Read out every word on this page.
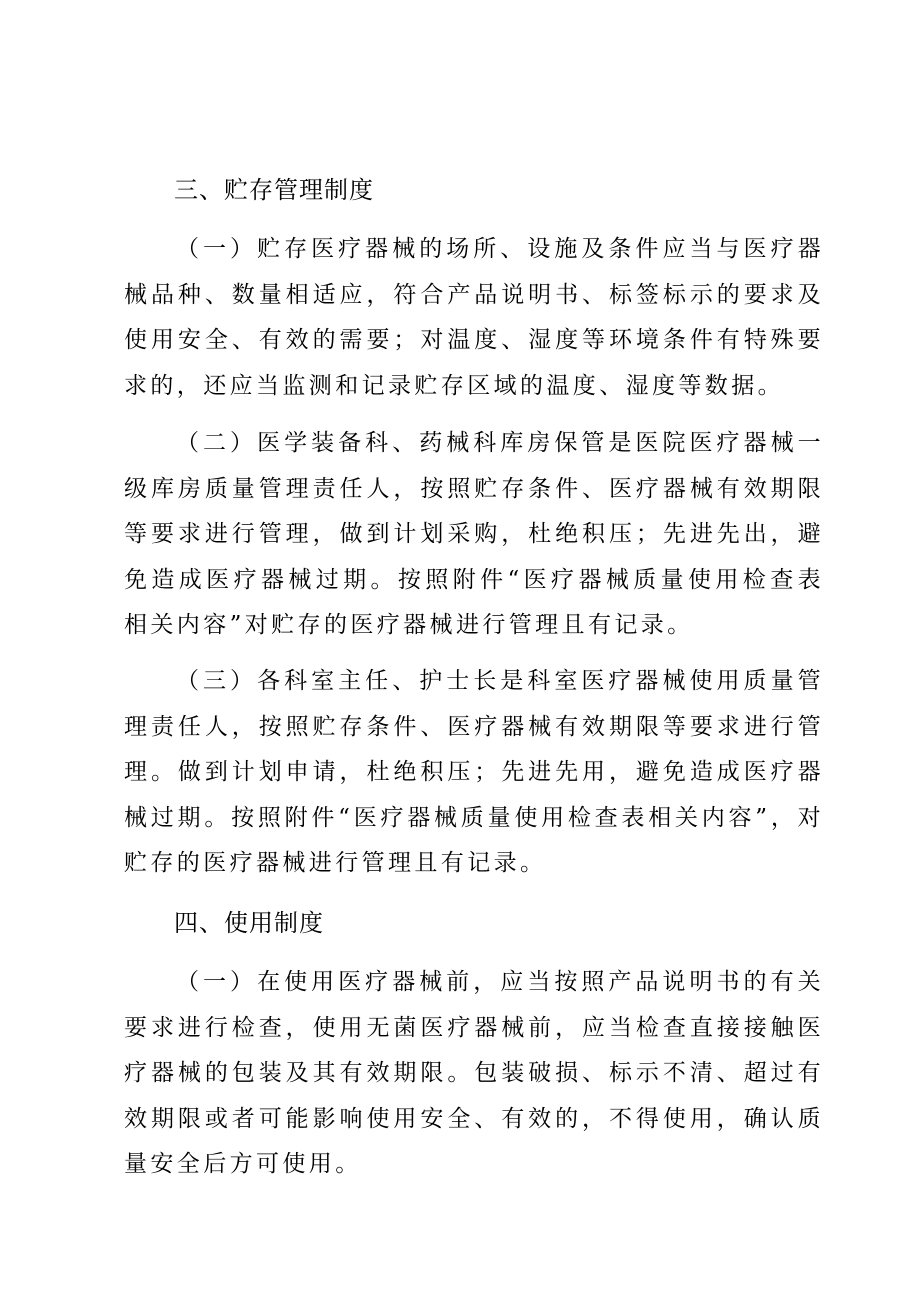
三、贮存管理制度
（一）贮存医疗器械的场所、设施及条件应当与医疗器械品种、数量相适应，符合产品说明书、标签标示的要求及使用安全、有效的需要；对温度、湿度等环境条件有特殊要求的，还应当监测和记录贮存区域的温度、湿度等数据。
（二）医学装备科、药械科库房保管是医院医疗器械一级库房质量管理责任人，按照贮存条件、医疗器械有效期限等要求进行管理，做到计划采购，杜绝积压；先进先出，避免造成医疗器械过期。按照附件“医疗器械质量使用检查表相关内容”对贮存的医疗器械进行管理且有记录。
（三）各科室主任、护士长是科室医疗器械使用质量管理责任人，按照贮存条件、医疗器械有效期限等要求进行管理。做到计划申请，杜绝积压；先进先用，避免造成医疗器械过期。按照附件“医疗器械质量使用检查表相关内容”，对贮存的医疗器械进行管理且有记录。
四、使用制度
（一）在使用医疗器械前，应当按照产品说明书的有关要求进行检查，使用无菌医疗器械前，应当检查直接接触医疗器械的包装及其有效期限。包装破损、标示不清、超过有效期限或者可能影响使用安全、有效的，不得使用，确认质量安全后方可使用。
